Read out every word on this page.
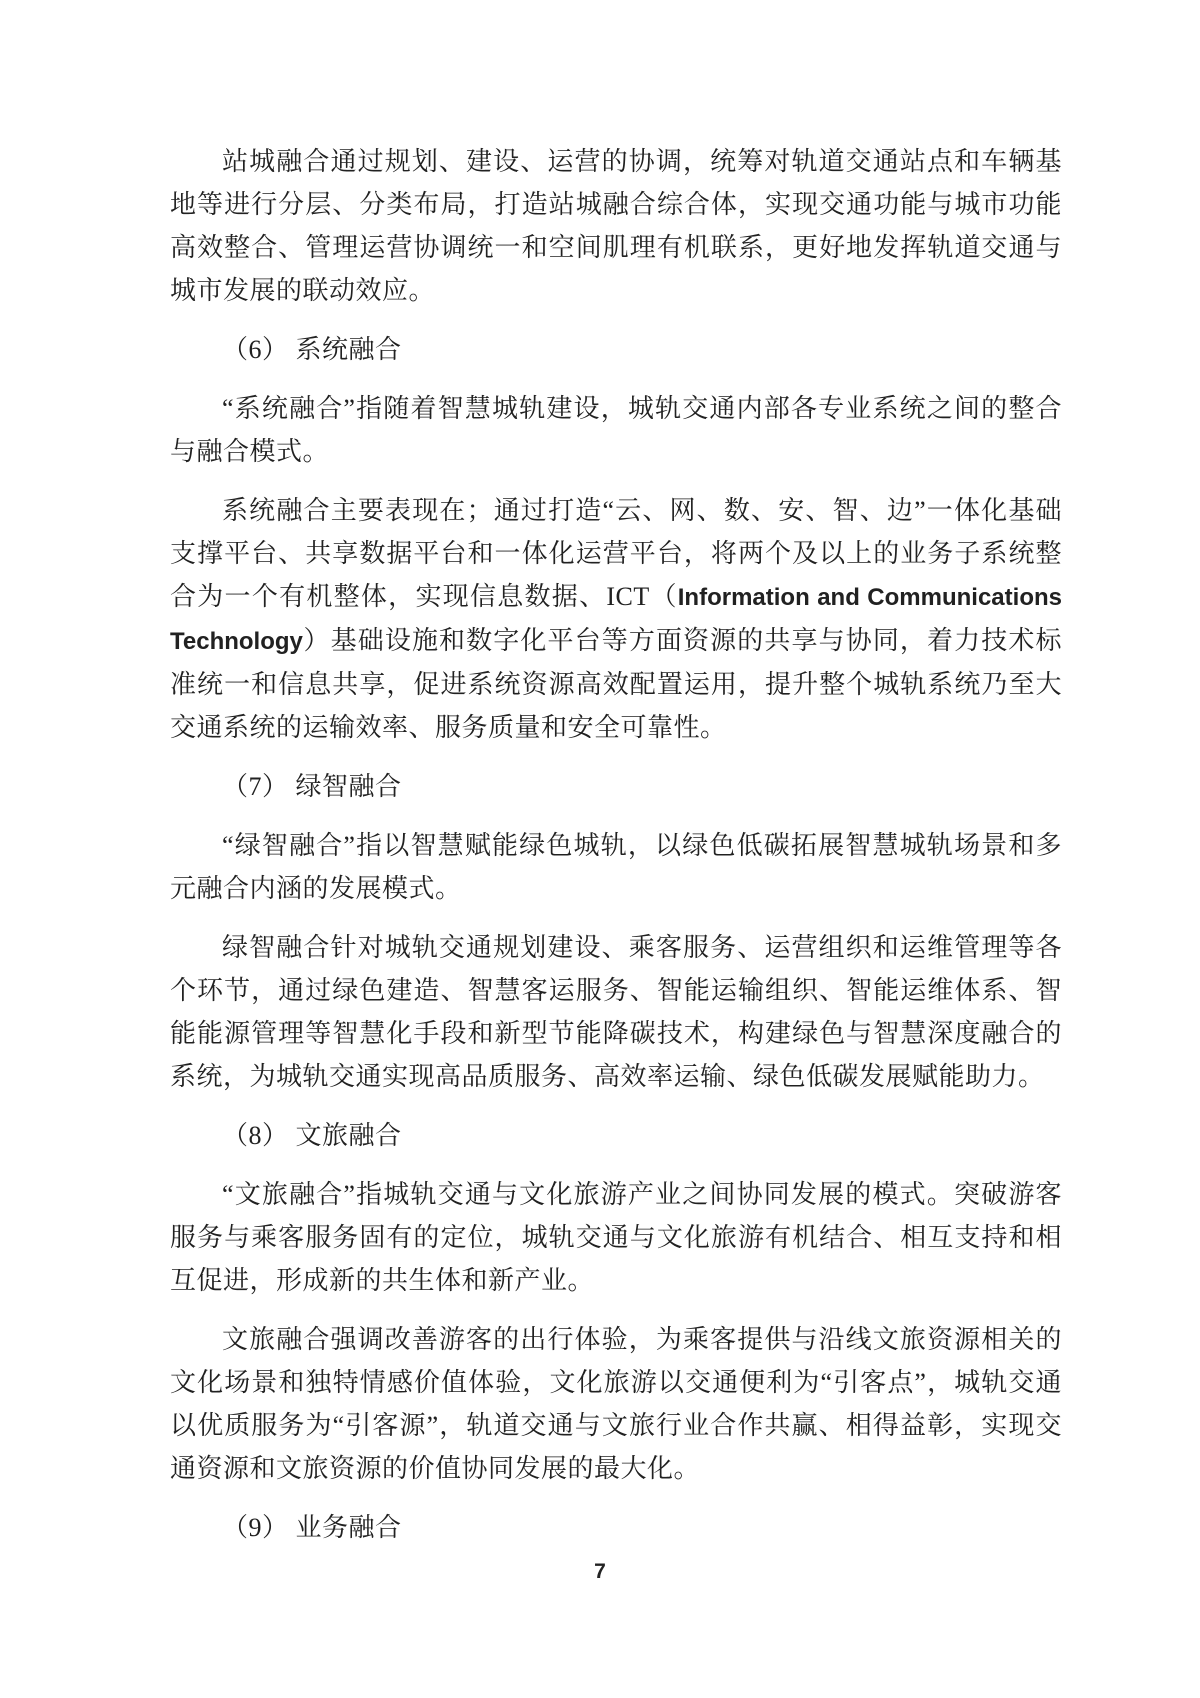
站城融合通过规划、建设、运营的协调，统筹对轨道交通站点和车辆基地等进行分层、分类布局，打造站城融合综合体，实现交通功能与城市功能高效整合、管理运营协调统一和空间肌理有机联系，更好地发挥轨道交通与城市发展的联动效应。

（6） 系统融合

“系统融合”指随着智慧城轨建设，城轨交通内部各专业系统之间的整合与融合模式。

系统融合主要表现在；通过打造“云、网、数、安、智、边”一体化基础支撑平台、共享数据平台和一体化运营平台，将两个及以上的业务子系统整合为一个有机整体，实现信息数据、ICT（Information and Communications Technology）基础设施和数字化平台等方面资源的共享与协同，着力技术标准统一和信息共享，促进系统资源高效配置运用，提升整个城轨系统乃至大交通系统的运输效率、服务质量和安全可靠性。

（7） 绿智融合

“绿智融合”指以智慧赋能绿色城轨，以绿色低碳拓展智慧城轨场景和多元融合内涵的发展模式。

绿智融合针对城轨交通规划建设、乘客服务、运营组织和运维管理等各个环节，通过绿色建造、智慧客运服务、智能运输组织、智能运维体系、智能能源管理等智慧化手段和新型节能降碳技术，构建绿色与智慧深度融合的系统，为城轨交通实现高品质服务、高效率运输、绿色低碳发展赋能助力。

（8） 文旅融合

“文旅融合”指城轨交通与文化旅游产业之间协同发展的模式。突破游客服务与乘客服务固有的定位，城轨交通与文化旅游有机结合、相互支持和相互促进，形成新的共生体和新产业。

文旅融合强调改善游客的出行体验，为乘客提供与沿线文旅资源相关的文化场景和独特情感价值体验，文化旅游以交通便利为“引客点”，城轨交通以优质服务为“引客源”，轨道交通与文旅行业合作共赢、相得益彰，实现交通资源和文旅资源的价值协同发展的最大化。

（9） 业务融合

7
